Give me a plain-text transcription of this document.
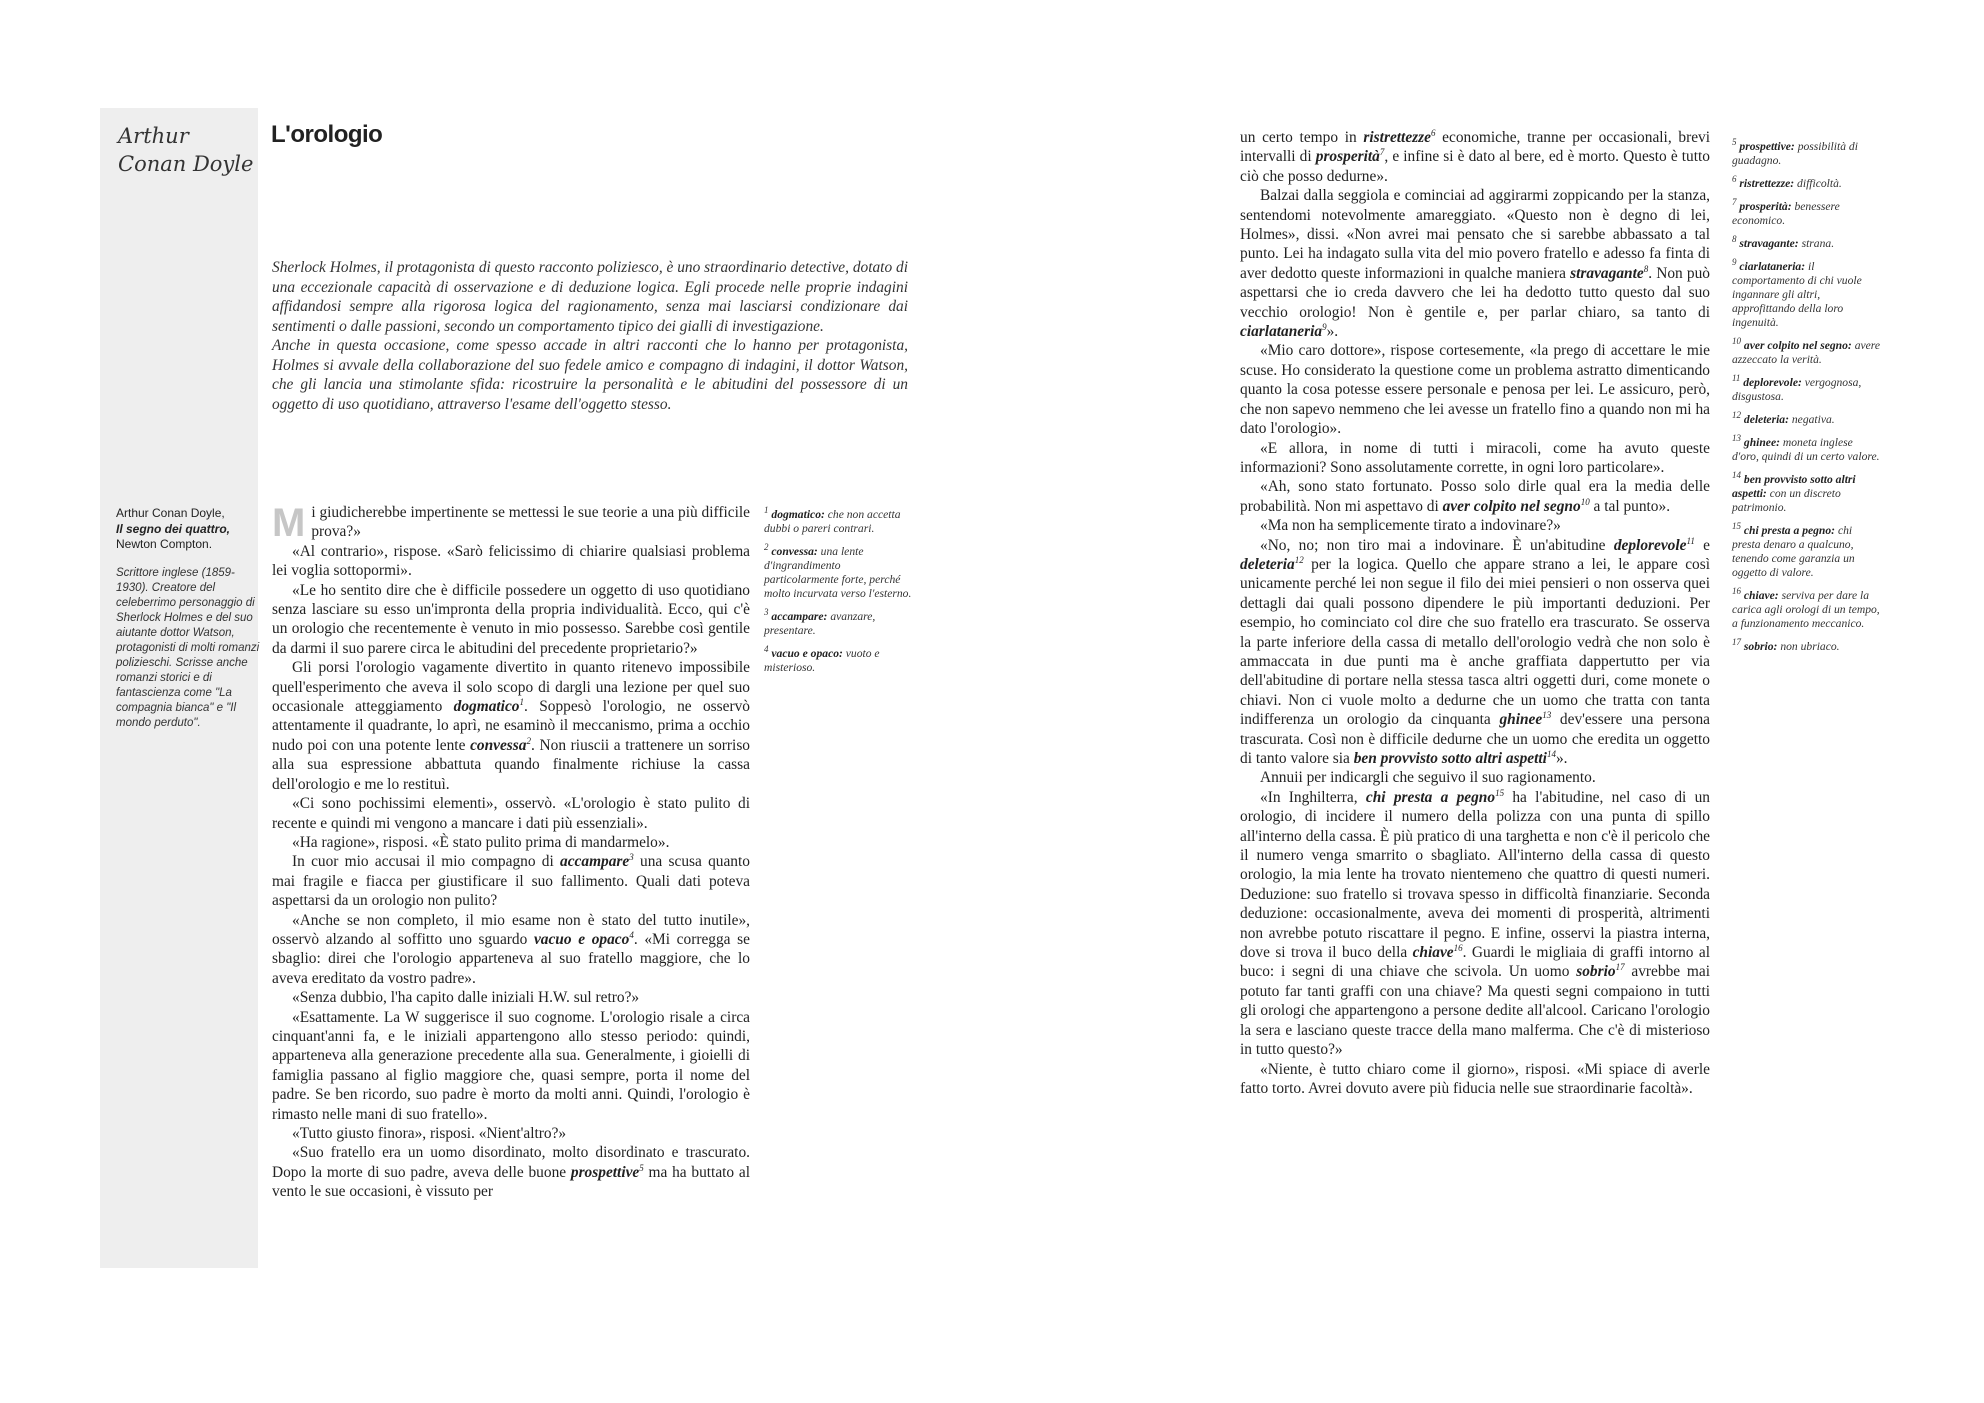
Arthur
Conan Doyle
L'orologio

Sherlock Holmes, il protagonista di questo racconto poliziesco, è uno straordinario detective, dotato di una eccezionale capacità di osservazione e di deduzione logica. Egli procede nelle proprie indagini affidandosi sempre alla rigorosa logica del ragionamento, senza mai lasciarsi condizionare dai sentimenti o dalle passioni, secondo un comportamento tipico dei gialli di investigazione.

Anche in questa occasione, come spesso accade in altri racconti che lo hanno per protagonista, Holmes si avvale della collaborazione del suo fedele amico e compagno di indagini, il dottor Watson, che gli lancia una stimolante sfida: ricostruire la personalità e le abitudini del possessore di un oggetto di uso quotidiano, attraverso l'esame dell'oggetto stesso.

Arthur Conan Doyle,
Il segno dei quattro,
Newton Compton.
Scrittore inglese (1859-1930). Creatore del celeberrimo personaggio di Sherlock Holmes e del suo aiutante dottor Watson, protagonisti di molti romanzi polizieschi. Scrisse anche romanzi storici e di fantascienza come "La compagnia bianca" e "Il mondo perduto".
M i giudicherebbe impertinente se mettessi le sue teorie a una più difficile prova?»

«Al contrario», rispose. «Sarò felicissimo di chiarire qualsiasi problema lei voglia sottopormi».

«Le ho sentito dire che è difficile possedere un oggetto di uso quotidiano senza lasciare su esso un'impronta della propria individualità. Ecco, qui c'è un orologio che recentemente è venuto in mio possesso. Sarebbe così gentile da darmi il suo parere circa le abitudini del precedente proprietario?»

Gli porsi l'orologio vagamente divertito in quanto ritenevo impossibile quell'esperimento che aveva il solo scopo di dargli una lezione per quel suo occasionale atteggiamento dogmatico$^1$. Soppesò l'orologio, ne osservò attentamente il quadrante, lo aprì, ne esaminò il meccanismo, prima a occhio nudo poi con una potente lente convessa$^2$. Non riuscii a trattenere un sorriso alla sua espressione abbattuta quando finalmente richiuse la cassa dell'orologio e me lo restituì.

«Ci sono pochissimi elementi», osservò. «L'orologio è stato pulito di recente e quindi mi vengono a mancare i dati più essenziali».

«Ha ragione», risposi. «È stato pulito prima di mandarmelo».

In cuor mio accusai il mio compagno di accampare$^3$ una scusa quanto mai fragile e fiacca per giustificare il suo fallimento. Quali dati poteva aspettarsi da un orologio non pulito?

«Anche se non completo, il mio esame non è stato del tutto inutile», osservò alzando al soffitto uno sguardo vacuo e opaco$^4$. «Mi corregga se sbaglio: direi che l'orologio apparteneva al suo fratello maggiore, che lo aveva ereditato da vostro padre».

«Senza dubbio, l'ha capito dalle iniziali H.W. sul retro?»

«Esattamente. La W suggerisce il suo cognome. L'orologio risale a circa cinquant'anni fa, e le iniziali appartengono allo stesso periodo: quindi, apparteneva alla generazione precedente alla sua. Generalmente, i gioielli di famiglia passano al figlio maggiore che, quasi sempre, porta il nome del padre. Se ben ricordo, suo padre è morto da molti anni. Quindi, l'orologio è rimasto nelle mani di suo fratello».

«Tutto giusto finora», risposi. «Nient'altro?»

«Suo fratello era un uomo disordinato, molto disordinato e trascurato. Dopo la morte di suo padre, aveva delle buone prospettive$^5$ ma ha buttato al vento le sue occasioni, è vissuto per

$^1$ dogmatico: che non accetta dubbi o pareri contrari.
$^2$ convessa: una lente d'ingrandimento particolarmente forte, perché molto incurvata verso l'esterno.
$^3$ accampare: avanzare, presentare.
$^4$ vacuo e opaco: vuoto e misterioso.

un certo tempo in ristrettezze$^6$ economiche, tranne per occasionali, brevi intervalli di prosperità$^7$, e infine si è dato al bere, ed è morto. Questo è tutto ciò che posso dedurne».

Balzai dalla seggiola e cominciai ad aggirarmi zoppicando per la stanza, sentendomi notevolmente amareggiato. «Questo non è degno di lei, Holmes», dissi. «Non avrei mai pensato che si sarebbe abbassato a tal punto. Lei ha indagato sulla vita del mio povero fratello e adesso fa finta di aver dedotto queste informazioni in qualche maniera stravagante$^8$. Non può aspettarsi che io creda davvero che lei ha dedotto tutto questo dal suo vecchio orologio! Non è gentile e, per parlar chiaro, sa tanto di ciarlataneria$^9$».

«Mio caro dottore», rispose cortesemente, «la prego di accettare le mie scuse. Ho considerato la questione come un problema astratto dimenticando quanto la cosa potesse essere personale e penosa per lei. Le assicuro, però, che non sapevo nemmeno che lei avesse un fratello fino a quando non mi ha dato l'orologio».

«E allora, in nome di tutti i miracoli, come ha avuto queste informazioni? Sono assolutamente corrette, in ogni loro particolare».

«Ah, sono stato fortunato. Posso solo dirle qual era la media delle probabilità. Non mi aspettavo di aver colpito nel segno$^{10}$ a tal punto».

«Ma non ha semplicemente tirato a indovinare?»

«No, no; non tiro mai a indovinare. È un'abitudine deplorevole$^{11}$ e deleteria$^{12}$ per la logica. Quello che appare strano a lei, le appare così unicamente perché lei non segue il filo dei miei pensieri o non osserva quei dettagli dai quali possono dipendere le più importanti deduzioni. Per esempio, ho cominciato col dire che suo fratello era trascurato. Se osserva la parte inferiore della cassa di metallo dell'orologio vedrà che non solo è ammaccata in due punti ma è anche graffiata dappertutto per via dell'abitudine di portare nella stessa tasca altri oggetti duri, come monete o chiavi. Non ci vuole molto a dedurne che un uomo che tratta con tanta indifferenza un orologio da cinquanta ghinee$^{13}$ dev'essere una persona trascurata. Così non è difficile dedurne che un uomo che eredita un oggetto di tanto valore sia ben provvisto sotto altri aspetti$^{14}$».

Annuii per indicargli che seguivo il suo ragionamento.

«In Inghilterra, chi presta a pegno$^{15}$ ha l'abitudine, nel caso di un orologio, di incidere il numero della polizza con una punta di spillo all'interno della cassa. È più pratico di una targhetta e non c'è il pericolo che il numero venga smarrito o sbagliato. All'interno della cassa di questo orologio, la mia lente ha trovato nientemeno che quattro di questi numeri. Deduzione: suo fratello si trovava spesso in difficoltà finanziarie. Seconda deduzione: occasionalmente, aveva dei momenti di prosperità, altrimenti non avrebbe potuto riscattare il pegno. E infine, osservi la piastra interna, dove si trova il buco della chiave$^{16}$. Guardi le migliaia di graffi intorno al buco: i segni di una chiave che scivola. Un uomo sobrio$^{17}$ avrebbe mai potuto far tanti graffi con una chiave? Ma questi segni compaiono in tutti gli orologi che appartengono a persone dedite all'alcool. Caricano l'orologio la sera e lasciano queste tracce della mano malferma. Che c'è di misterioso in tutto questo?»

«Niente, è tutto chiaro come il giorno», risposi. «Mi spiace di averle fatto torto. Avrei dovuto avere più fiducia nelle sue straordinarie facoltà».

$^5$ prospettive: possibilità di guadagno.
$^6$ ristrettezze: difficoltà.
$^7$ prosperità: benessere economico.
$^8$ stravagante: strana.
$^9$ ciarlataneria: il comportamento di chi vuole ingannare gli altri, approfittando della loro ingenuità.
$^{10}$ aver colpito nel segno: avere azzeccato la verità.
$^{11}$ deplorevole: vergognosa, disgustosa.
$^{12}$ deleteria: negativa.
$^{13}$ ghinee: moneta inglese d'oro, quindi di un certo valore.
$^{14}$ ben provvisto sotto altri aspetti: con un discreto patrimonio.
$^{15}$ chi presta a pegno: chi presta denaro a qualcuno, tenendo come garanzia un oggetto di valore.
$^{16}$ chiave: serviva per dare la carica agli orologi di un tempo, a funzionamento meccanico.
$^{17}$ sobrio: non ubriaco.
